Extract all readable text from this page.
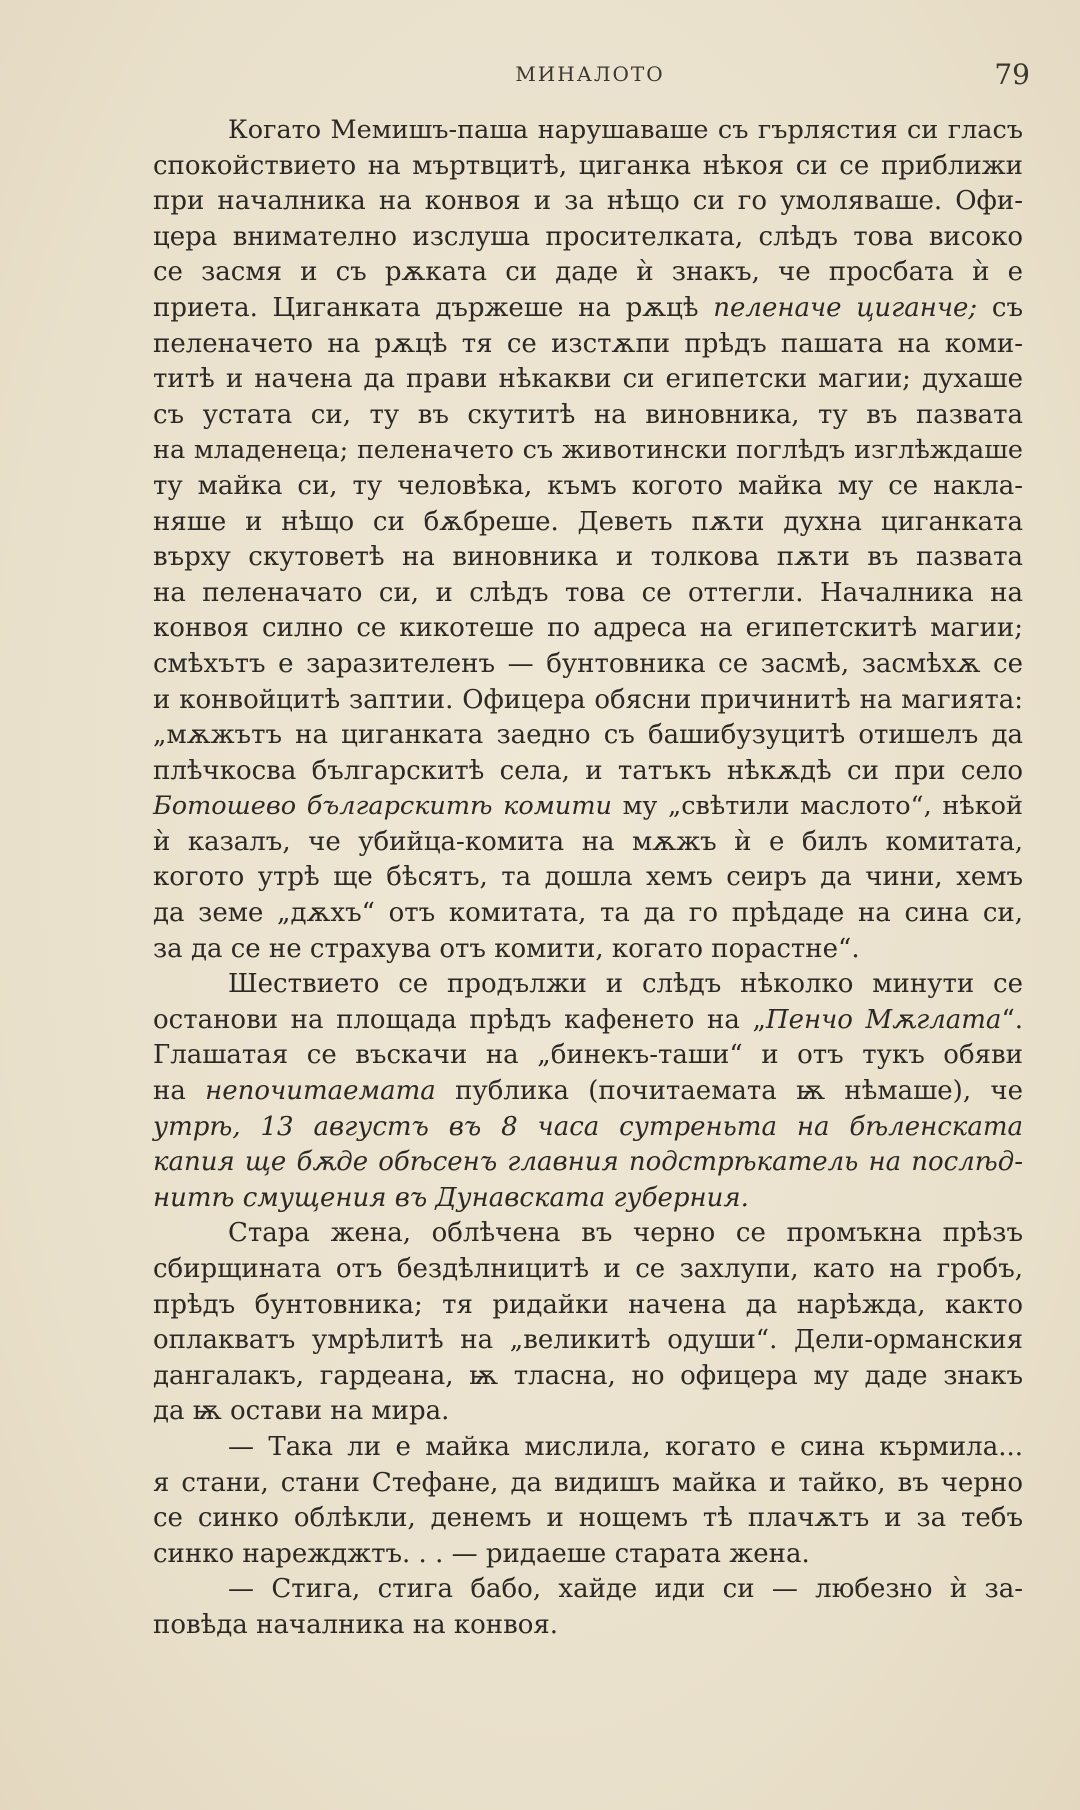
МИНАЛОТО	79
Когато Мемишъ-паша нарушаваше съ гърлястия си гласъ
спокойствието на мъртвцитѣ, циганка нѣкоя си се приближи
при началника на конвоя и за нѣщо си го умоляваше. Офи-
цера внимателно изслуша просителката, слѣдъ това високо
се засмя и съ рѫката си даде ѝ знакъ, че просбата ѝ е
приета. Циганката държеше на рѫцѣ пеленаче циганче; съ
пеленачето на рѫцѣ тя се изстѫпи прѣдъ пашата на коми-
титѣ и начена да прави нѣкакви си египетски магии; духаше
съ устата си, ту въ скутитѣ на виновника, ту въ пазвата
на младенеца; пеленачето съ животински поглѣдъ изглѣждаше
ту майка си, ту человѣка, къмъ когото майка му се накла-
няше и нѣщо си бѫбреше. Деветь пѫти духна циганката
върху скутоветѣ на виновника и толкова пѫти въ пазвата
на пеленачато си, и слѣдъ това се оттегли. Началника на
конвоя силно се кикотеше по адреса на египетскитѣ магии;
смѣхътъ е заразителенъ — бунтовника се засмѣ, засмѣхѫ се
и конвойцитѣ заптии. Офицера обясни причинитѣ на магията:
„мѫжътъ на циганката заедно съ башибузуцитѣ отишелъ да
плѣчкосва българскитѣ села, и татъкъ нѣкѫдѣ си при село
Ботошево българскитѣ комити му „свѣтили маслото“, нѣкой
ѝ казалъ, че убийца-комита на мѫжъ ѝ е билъ комитата,
когото утрѣ ще бѣсятъ, та дошла хемъ сеиръ да чини, хемъ
да земе „дѫхъ“ отъ комитата, та да го прѣдаде на сина си,
за да се не страхува отъ комити, когато порастне“.
Шествието се продължи и слѣдъ нѣколко минути се
останови на площада прѣдъ кафенето на „Пенчо Мѫглата“.
Глашатая се въскачи на „бинекъ-таши“ и отъ тукъ обяви
на непочитаемата публика (почитаемата ѭ нѣмаше), че
утрѣ, 13 августъ въ 8 часа сутреньта на бѣленската
капия ще бѫде обѣсенъ главния подстрѣкатель на послѣд-
нитѣ смущения въ Дунавската губерния.
Стара жена, облѣчена въ черно се промъкна прѣзъ
сбирщината отъ бездѣлницитѣ и се захлупи, като на гробъ,
прѣдъ бунтовника; тя ридайки начена да нарѣжда, както
оплакватъ умрѣлитѣ на „великитѣ одуши“. Дели-орманския
дангалакъ, гардеана, ѭ тласна, но офицера му даде знакъ
да ѭ остави на мира.
— Така ли е майка мислила, когато е сина кърмила...
я стани, стани Стефане, да видишъ майка и тайко, въ черно
се синко облѣкли, денемъ и нощемъ тѣ плачѫтъ и за тебъ
синко нарежджтъ. . . — ридаеше старата жена.
— Стига, стига бабо, хайде иди си — любезно ѝ за-
повѣда началника на конвоя.
